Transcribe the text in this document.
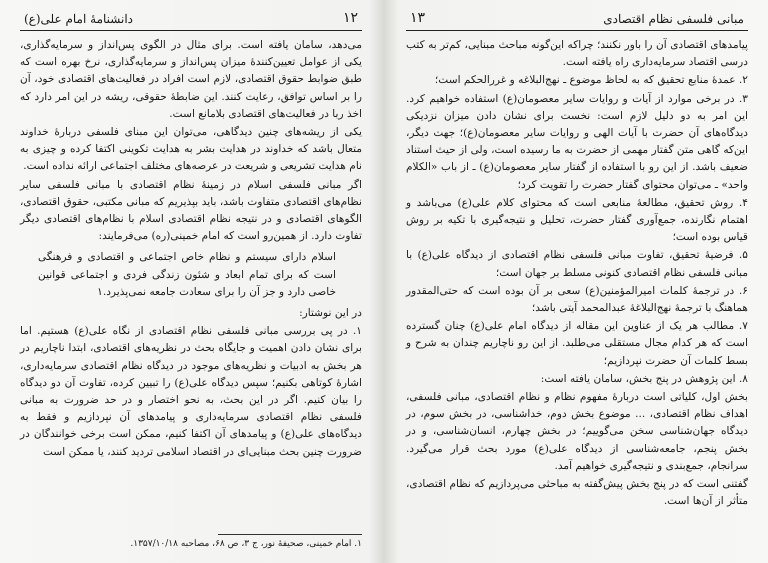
۱۲
دانشنامهٔ امام علی(ع)

می‌دهد، سامان یافته است. برای مثال در الگوی پس‌انداز و سرمایه‌گذاری، یکی از عوامل تعیین‌کنندهٔ میزان پس‌انداز و سرمایه‌گذاری، نرخ بهره است که طبق ضوابط حقوق اقتصادی، لازم است افراد در فعالیت‌های اقتصادی خود، آن را بر اساس توافق، رعایت کنند. این ضابطهٔ حقوقی، ریشه در این امر دارد که اخذ ربا در فعالیت‌های اقتصادی بلامانع است.

یکی از ریشه‌های چنین دیدگاهی، می‌توان این مبنای فلسفی دربارهٔ خداوند متعال باشد که خداوند در هدایت بشر به هدایت تکوینی اکتفا کرده و چیزی به نام هدایت تشریعی و شریعت در عرصه‌های مختلف اجتماعی ارائه نداده است.

اگر مبانی فلسفی اسلام در زمینهٔ نظام اقتصادی با مبانی فلسفی سایر نظام‌های اقتصادی متفاوت باشد، باید بپذیریم که مبانی مکتبی، حقوق اقتصادی، الگوهای اقتصادی و در نتیجه نظام اقتصادی اسلام با نظام‌های اقتصادی دیگر تفاوت دارد. از همین‌رو است که امام خمینی(ره) می‌فرمایند:

اسلام دارای سیستم و نظام خاص اجتماعی و اقتصادی و فرهنگی است که برای تمام ابعاد و شئون زندگی فردی و اجتماعی قوانین خاصی دارد و جز آن را برای سعادت جامعه نمی‌پذیرد.۱

در این نوشتار:

۱. در پی بررسی مبانی فلسفی نظام اقتصادی از نگاه علی(ع) هستیم. اما برای نشان دادن اهمیت و جایگاه بحث در نظریه‌های اقتصادی، ابتدا ناچاریم در هر بخش به ادبیات و نظریه‌های موجود در دیدگاه نظام اقتصادی سرمایه‌داری، اشارهٔ کوتاهی بکنیم؛ سپس دیدگاه علی(ع) را تبیین کرده، تفاوت آن دو دیدگاه را بیان کنیم. اگر در این بحث، به نحو اختصار و در حد ضرورت به مبانی فلسفی نظام اقتصادی سرمایه‌داری و پیامدهای آن نپردازیم و فقط به دیدگاه‌های علی(ع) و پیامدهای آن اکتفا کنیم، ممکن است برخی خوانندگان در ضرورت چنین بحث مبنایی‌ای در اقتصاد اسلامی تردید کنند، یا ممکن است

۱. امام خمینی، صحیفهٔ نور، ج ۳، ص ۶۸، مصاحبه ۱۳۵۷/۱۰/۱۸.
مبانی فلسفی نظام اقتصادی
۱۳

پیامدهای اقتصادی آن را باور نکنند؛ چراکه این‌گونه مباحث مبنایی، کم‌تر به کتب درسی اقتصاد سرمایه‌داری راه یافته است.

۲. عمدهٔ منابع تحقیق که به لحاظ موضوع ـ نهج‌البلاغه و غررالحکم است؛

۳. در برخی موارد از آیات و روایات سایر معصومان(ع) استفاده خواهیم کرد. این امر به دو دلیل لازم است: نخست برای نشان دادن میزان نزدیکی دیدگاه‌های آن حضرت با آیات الهی و روایات سایر معصومان(ع)؛ جهت دیگر، این‌که گاهی متن گفتار مهمی از حضرت به ما رسیده است، ولی از حیث استناد ضعیف باشد. از این رو با استفاده از گفتار سایر معصومان(ع) ـ از باب «الکلام واحد» ـ می‌توان محتوای گفتار حضرت را تقویت کرد؛

۴. روش تحقیق، مطالعهٔ منابعی است که محتوای کلام علی(ع) می‌باشد و اهتمام نگارنده، جمع‌آوری گفتار حضرت، تحلیل و نتیجه‌گیری با تکیه بر روش قیاس بوده است؛

۵. فرضیهٔ تحقیق، تفاوت مبانی فلسفی نظام اقتصادی از دیدگاه علی(ع) با مبانی فلسفی نظام اقتصادی کنونی مسلط بر جهان است؛

۶. در ترجمهٔ کلمات امیرالمؤمنین(ع) سعی بر آن بوده است که حتی‌المقدور هماهنگ با ترجمهٔ نهج‌البلاغهٔ عبدالمحمد آیتی باشد؛

۷. مطالب هر یک از عناوین این مقاله از دیدگاه امام علی(ع) چنان گسترده است که هر کدام مجال مستقلی می‌طلبد. از این رو ناچاریم چندان به شرح و بسط کلمات آن حضرت نپردازیم؛

۸. این پژوهش در پنج بخش، سامان یافته است:

بخش اول، کلیاتی است دربارهٔ مفهوم نظام و نظام اقتصادی، مبانی فلسفی، اهداف نظام اقتصادی، ... موضوع بخش دوم، خداشناسی، در بخش سوم، در دیدگاه جهان‌شناسی سخن می‌گوییم؛ در بخش چهارم، انسان‌شناسی، و در بخش پنجم، جامعه‌شناسی از دیدگاه علی(ع) مورد بحث قرار می‌گیرد. سرانجام، جمع‌بندی و نتیجه‌گیری خواهیم آمد.

گفتنی است که در پنج بخش پیش‌گفته به مباحثی می‌پردازیم که نظام اقتصادی، متأثر از آن‌ها است.
